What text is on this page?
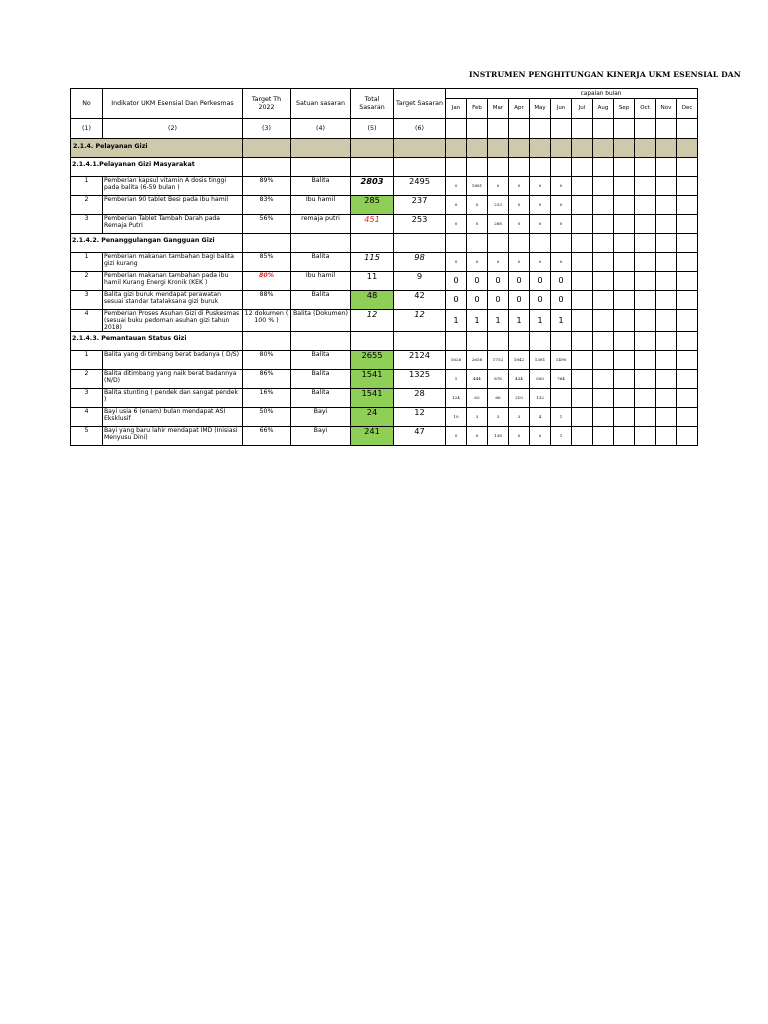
INSTRUMEN PENGHITUNGAN KINERJA UKM ESENSIAL DAN
No	Indikator UKM Esensial Dan Perkesmas	Target Th 2022	Satuan sasaran	Total Sasaran	Target Sasaran	capaian bulan											
						Jan	Feb	Mar	Apr	May	Jun	Jul	Aug	Sep	Oct	Nov	Dec
(1)	(2)	(3)	(4)	(5)	(6)												
2.1.4. Pelayanan Gizi																	
2.1.4.1.Pelayanan Gizi Masyarakat																	
1	Pemberian kapsul vitamin A dosis tinggi pada balita (6-59 bulan )	89%	Balita	2803	2495	0	1881	0	0	0	0						
2	Pemberian 90 tablet Besi pada ibu hamil	83%	Ibu hamil	285	237	0	0	233	0	0	0						
3	Pemberian Tablet Tambah Darah pada Remaja Putri	56%	remaja putri	451	253	0	0	288	0	0	0						
2.1.4.2. Penanggulangan Gangguan Gizi																	
1	Pemberian makanan tambahan bagi balita gizi kurang	85%	Balita	115	98	0	0	0	0	0	0						
2	Pemberian makanan tambahan pada ibu hamil Kurang Energi Kronik (KEK )	80%	Ibu hamil	11	9	0	0	0	0	0	0						
3	Balita gizi buruk mendapat perawatan sesuai standar tatalaksana gizi buruk	88%	Balita	48	42	0	0	0	0	0	0						
4	Pemberian Proses Asuhan Gizi di Puskesmas (sesuai buku pedoman asuhan gizi tahun 2018)	12 dokumen ( 100 % )	Balita (Dokumen)	12	12	1	1	1	1	1	1						
2.1.4.3. Pemantauan Status Gizi																	
1	Balita yang di timbang berat badanya ( D/S)	80%	Balita	2655	2124	1626	2658	1752	1842	1381	1490						
2	Balita ditimbang yang naik berat badannya (N/D)	86%	Balita	1541	1325	1	444	876	434	500	764						
3	Balita stunting ( pendek dan sangat pendek )	16%	Balita	1541	28	124	63	66	210	132							
4	Bayi usia 6 (enam) bulan mendapat ASI Eksklusif	50%	Bayi	24	12	10	3	3	3	4	1						
5	Bayi yang baru lahir mendapat IMD (Inisiasi Menyusu Dini)	66%	Bayi	241	47	0	0	138	0	0	1						
